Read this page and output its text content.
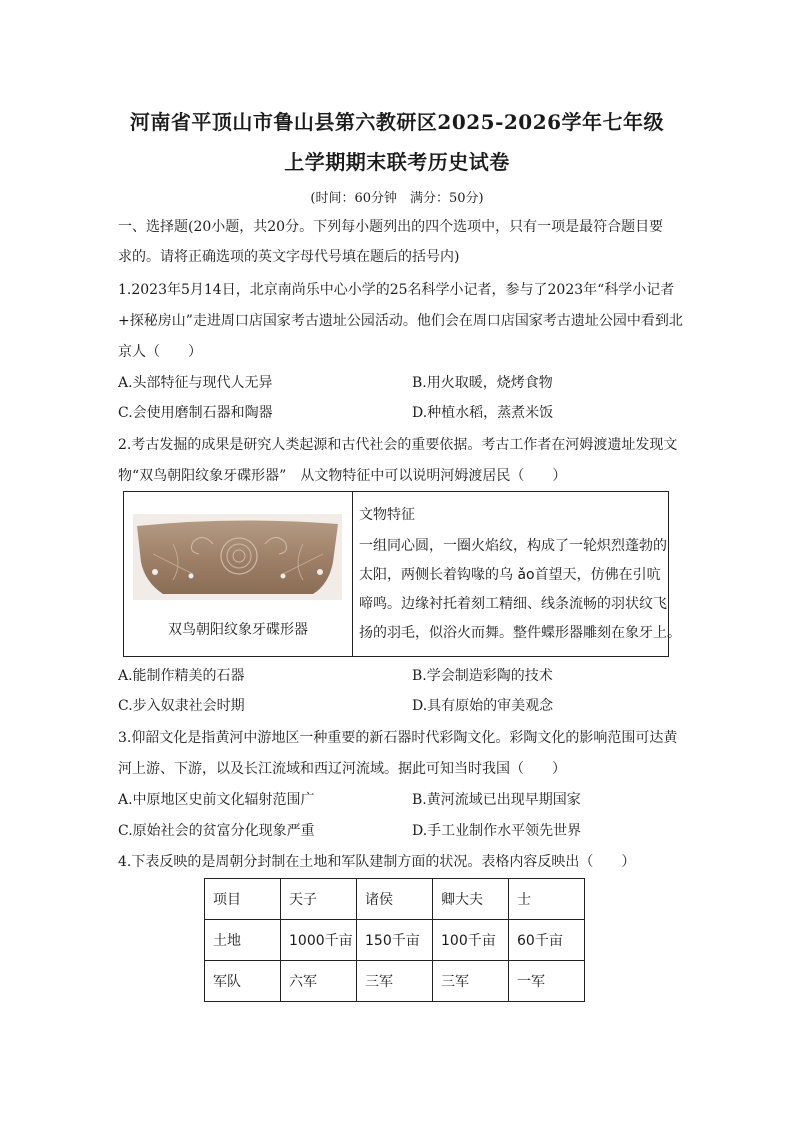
河南省平顶山市鲁山县第六教研区2025-2026学年七年级
上学期期末联考历史试卷
(时间：60分钟　满分：50分)
一、选择题(20小题，共20分。下列每小题列出的四个选项中，只有一项是最符合题目要
求的。请将正确选项的英文字母代号填在题后的括号内)
1.2023年5月14日，北京南尚乐中心小学的25名科学小记者，参与了2023年“科学小记者
+探秘房山”走进周口店国家考古遗址公园活动。他们会在周口店国家考古遗址公园中看到北
京人（　　）
A.头部特征与现代人无异	B.用火取暖，烧烤食物
C.会使用磨制石器和陶器	D.种植水稻，蒸煮米饭
2.考古发掘的成果是研究人类起源和古代社会的重要依据。考古工作者在河姆渡遗址发现文
物“双鸟朝阳纹象牙碟形器”　从文物特征中可以说明河姆渡居民（　　）
双鸟朝阳纹象牙碟形器
文物特征
一组同心圆，一圈火焰纹，构成了一轮炽烈蓬勃的
太阳，两侧长着钩喙的乌 ǎo首望天，仿佛在引吭
啼鸣。边缘衬托着刻工精细、线条流畅的羽状纹飞
扬的羽毛，似浴火而舞。整件蝶形器雕刻在象牙上。
A.能制作精美的石器	B.学会制造彩陶的技术
C.步入奴隶社会时期	D.具有原始的审美观念
3.仰韶文化是指黄河中游地区一种重要的新石器时代彩陶文化。彩陶文化的影响范围可达黄
河上游、下游，以及长江流域和西辽河流域。据此可知当时我国（　　）
A.中原地区史前文化辐射范围广	B.黄河流域已出现早期国家
C.原始社会的贫富分化现象严重	D.手工业制作水平领先世界
4.下表反映的是周朝分封制在土地和军队建制方面的状况。表格内容反映出（　　）
项目	天子	诸侯	卿大夫	士
土地	1000千亩	150千亩	100千亩	60千亩
军队	六军	三军	三军	一军
